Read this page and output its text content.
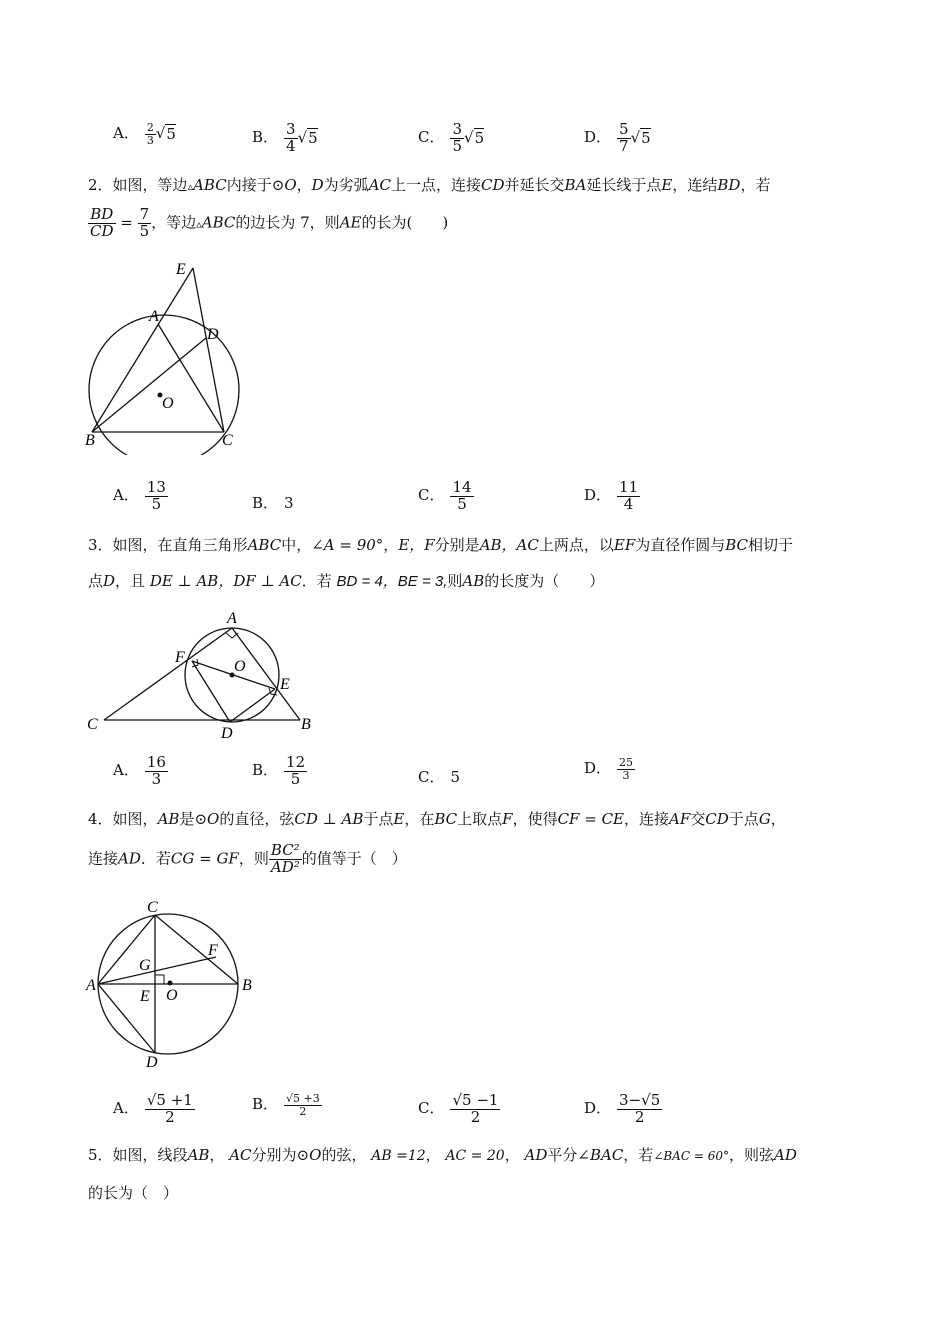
A． $\frac{2}{3} √5$	B． $\frac{3}{4} √5$	C． $\frac{3}{5} √5$	D． $\frac{5}{7} √5$
2．如图，等边▵ABC内接于⊙O，D为劣弧AC上一点，连接CD并延长交BA延长线于点E，连结BD，若
$\frac{BD}{CD} = \frac{7}{5}$ ，等边▵ABC的边长为 7，则AE的长为(　　)
E
A
D
O
B	C
A． $\frac{13}{5}$	B． 3	C． $\frac{14}{5}$	D． $\frac{11}{4}$
3．如图，在直角三角形ABC中，∠A = 90°，E，F分别是AB，AC上两点，以EF为直径作圆与BC相切于
点D，且 DE ⊥ AB，DF ⊥ AC．若 BD = 4，BE = 3,则AB的长度为（　　）
A
F
O
E
C
D
B
A． $\frac{16}{3}$	B． $\frac{12}{5}$	C． 5	D． $\frac{25}{3}$
4．如图，AB是⊙O的直径，弦CD ⊥ AB于点E，在BC上取点F，使得CF = CE，连接AF交CD于点G，
连接AD．若CG = GF，则 $\frac{\text{BC²}}{\text{AD²}}$ 的值等于（　）
C
F
G
A
E O
B
D
A． $\frac{√5 +1}{2}$	B． $\frac{√5 +3}{2}$	C． $\frac{√5 -1}{2}$	D． $\frac{3-√5}{2}$
5．如图，线段AB， AC分别为⊙O的弦， AB =12， AC = 20， AD平分∠BAC，若∠BAC = 60°，则弦AD
的长为（　）
